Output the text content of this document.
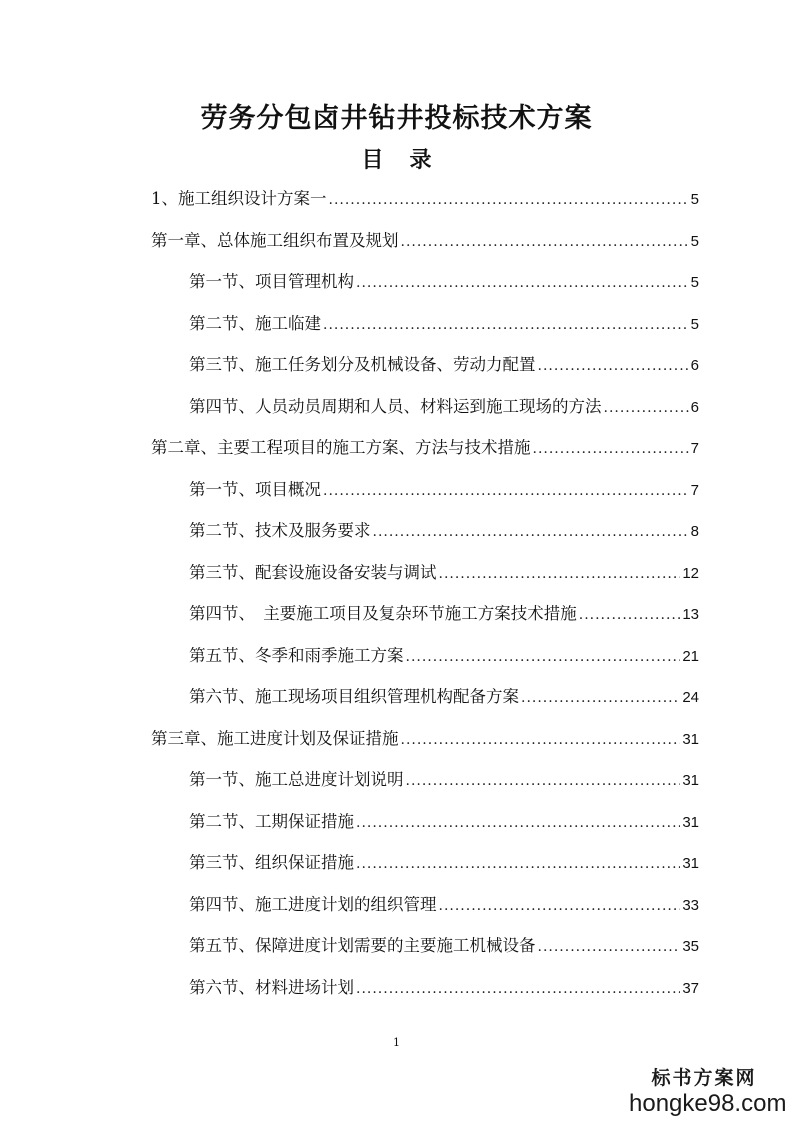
劳务分包卤井钻井投标技术方案
目 录
1、施工组织设计方案一 .....	5
第一章、总体施工组织布置及规划 .....	5
第一节、项目管理机构 .....	5
第二节、施工临建 .....	5
第三节、施工任务划分及机械设备、劳动力配置 .....	6
第四节、人员动员周期和人员、材料运到施工现场的方法 .....	6
第二章、主要工程项目的施工方案、方法与技术措施 .....	7
第一节、项目概况 .....	7
第二节、技术及服务要求 .....	8
第三节、配套设施设备安装与调试 .....	12
第四节、　主要施工项目及复杂环节施工方案技术措施 .....	13
第五节、冬季和雨季施工方案 .....	21
第六节、施工现场项目组织管理机构配备方案 .....	24
第三章、施工进度计划及保证措施 .....	31
第一节、施工总进度计划说明 .....	31
第二节、工期保证措施 .....	31
第三节、组织保证措施 .....	31
第四节、施工进度计划的组织管理 .....	33
第五节、保障进度计划需要的主要施工机械设备 .....	35
第六节、材料进场计划 .....	37
1
标书方案网
hongke98.com
